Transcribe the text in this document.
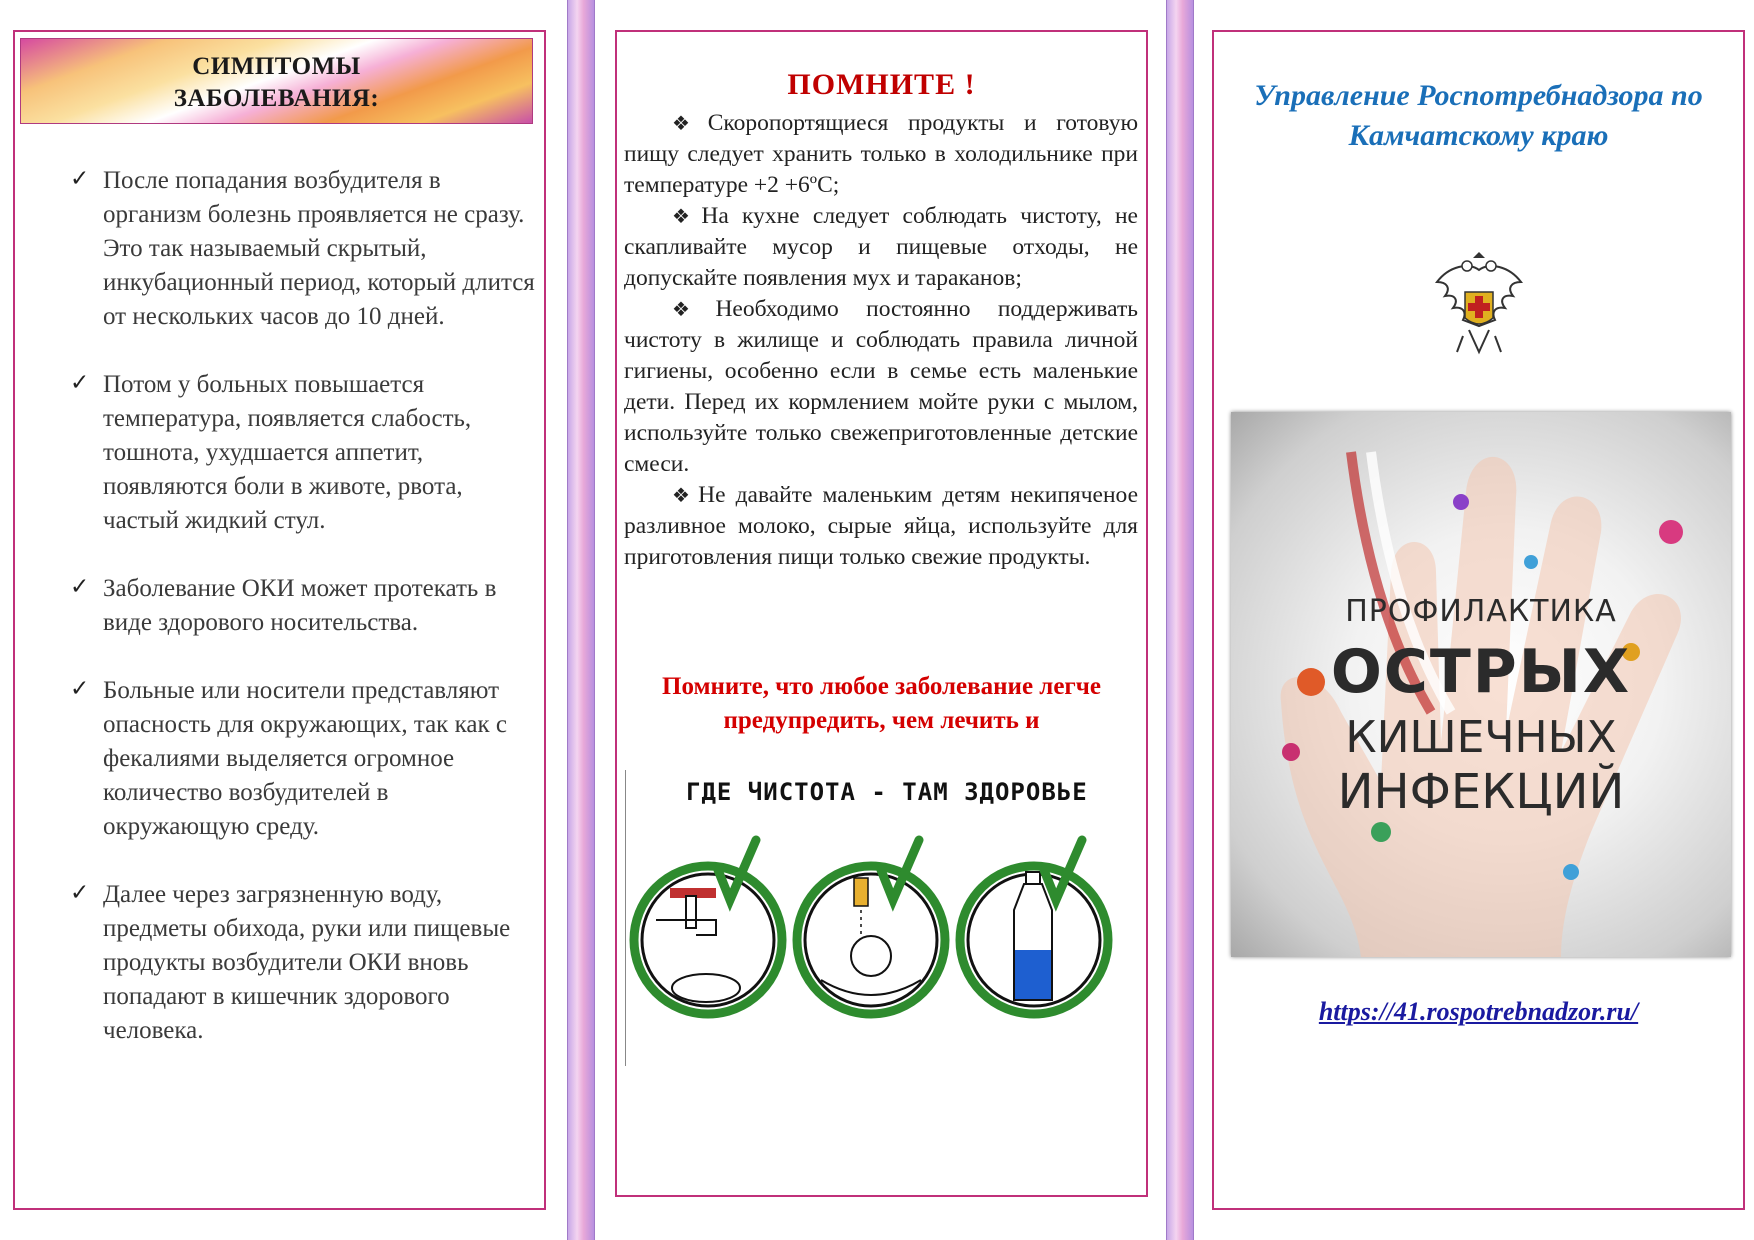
СИМПТОМЫ ЗАБОЛЕВАНИЯ:
✓ После попадания возбудителя в организм болезнь проявляется не сразу. Это так называемый скрытый, инкубационный период, который длится от нескольких часов до 10 дней.
✓ Потом у больных повышается температура, появляется слабость, тошнота, ухудшается аппетит, появляются боли в животе, рвота, частый жидкий стул.
✓ Заболевание ОКИ может протекать в виде здорового носительства.
✓ Больные или носители представляют опасность для окружающих, так как с фекалиями выделяется огромное количество возбудителей в окружающую среду.
✓ Далее через загрязненную воду, предметы обихода, руки или пищевые продукты возбудители ОКИ вновь попадают в кишечник здорового человека.
ПОМНИТЕ !
❖ Скоропортящиеся продукты и готовую пищу следует хранить только в холодильнике при температуре +2 +6ºС;
❖ На кухне следует соблюдать чистоту, не скапливайте мусор и пищевые отходы, не допускайте появления мух и тараканов;
❖ Необходимо постоянно поддерживать чистоту в жилище и соблюдать правила личной гигиены, особенно если в семье есть маленькие дети. Перед их кормлением мойте руки с мылом, используйте только свежеприготовленные детские смеси.
❖ Не давайте маленьким детям некипяченое разливное молоко, сырые яйца, используйте для приготовления пищи только свежие продукты.
Помните, что любое заболевание легче предупредить, чем лечить и
ГДЕ ЧИСТОТА - ТАМ ЗДОРОВЬЕ
Управление Роспотребнадзора по Камчатскому краю
ПРОФИЛАКТИКА
ОСТРЫХ
КИШЕЧНЫХ
ИНФЕКЦИЙ
https://41.rospotrebnadzor.ru/
